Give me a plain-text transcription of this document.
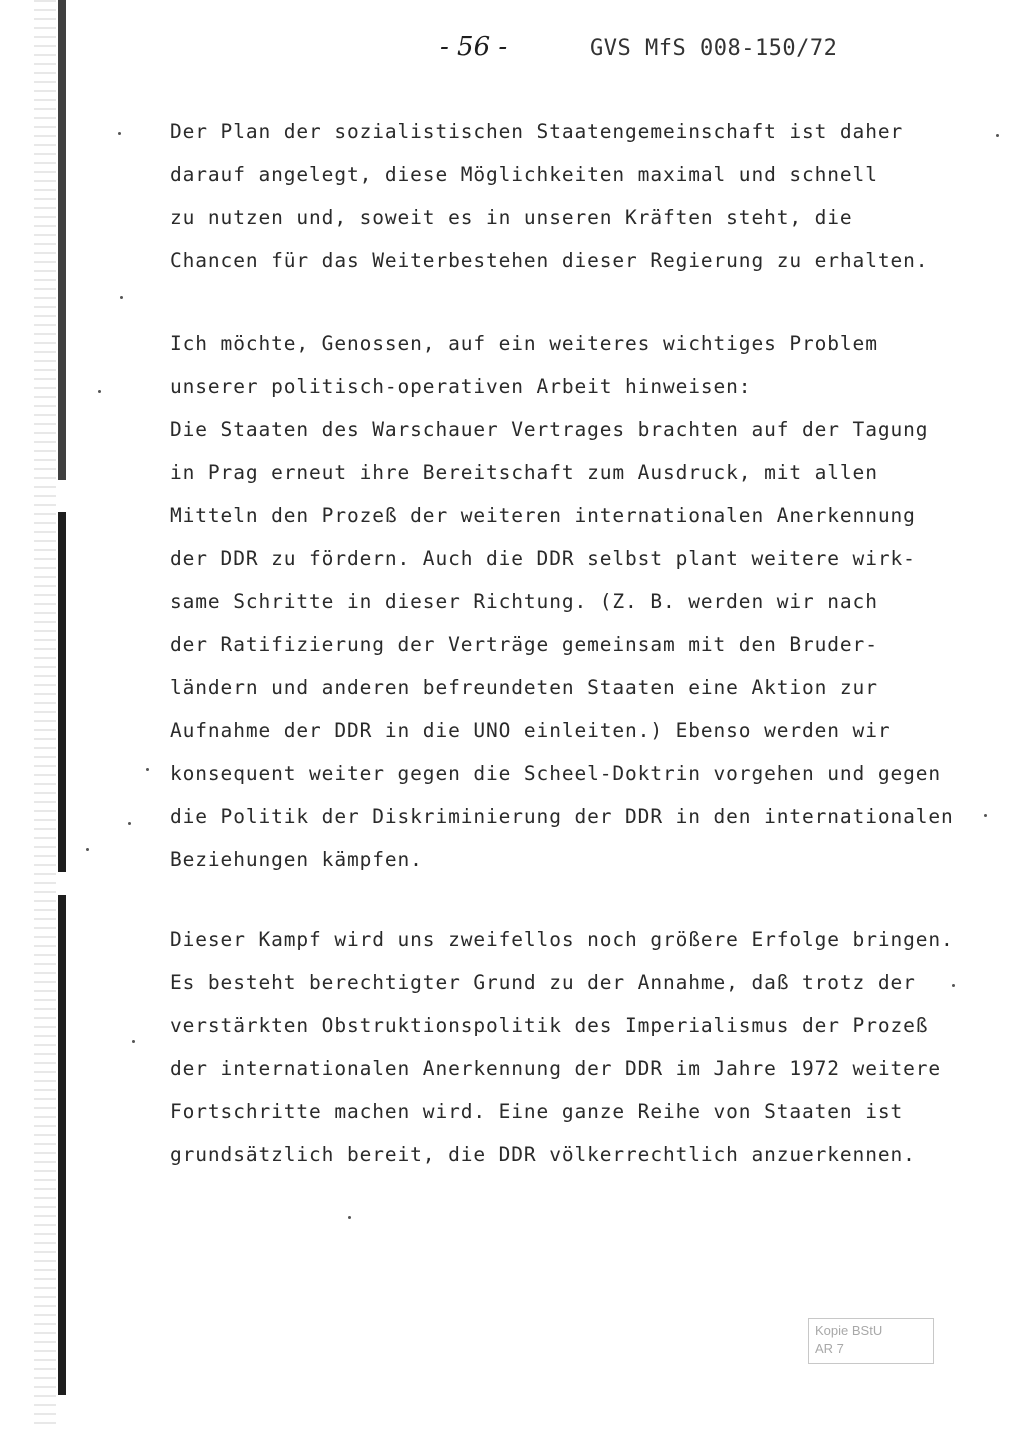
- 56 -	GVS MfS 008-150/72
Der Plan der sozialistischen Staatengemeinschaft ist daher
darauf angelegt, diese Möglichkeiten maximal und schnell
zu nutzen und, soweit es in unseren Kräften steht, die
Chancen für das Weiterbestehen dieser Regierung zu erhalten.
Ich möchte, Genossen, auf ein weiteres wichtiges Problem
unserer politisch-operativen Arbeit hinweisen:
Die Staaten des Warschauer Vertrages brachten auf der Tagung
in Prag erneut ihre Bereitschaft zum Ausdruck, mit allen
Mitteln den Prozeß der weiteren internationalen Anerkennung
der DDR zu fördern. Auch die DDR selbst plant weitere wirk-
same Schritte in dieser Richtung. (Z. B. werden wir nach
der Ratifizierung der Verträge gemeinsam mit den Bruder-
ländern und anderen befreundeten Staaten eine Aktion zur
Aufnahme der DDR in die UNO einleiten.) Ebenso werden wir
konsequent weiter gegen die Scheel-Doktrin vorgehen und gegen
die Politik der Diskriminierung der DDR in den internationalen
Beziehungen kämpfen.
Dieser Kampf wird uns zweifellos noch größere Erfolge bringen.
Es besteht berechtigter Grund zu der Annahme, daß trotz der
verstärkten Obstruktionspolitik des Imperialismus der Prozeß
der internationalen Anerkennung der DDR im Jahre 1972 weitere
Fortschritte machen wird. Eine ganze Reihe von Staaten ist
grundsätzlich bereit, die DDR völkerrechtlich anzuerkennen.
Kopie BStU
AR 7
